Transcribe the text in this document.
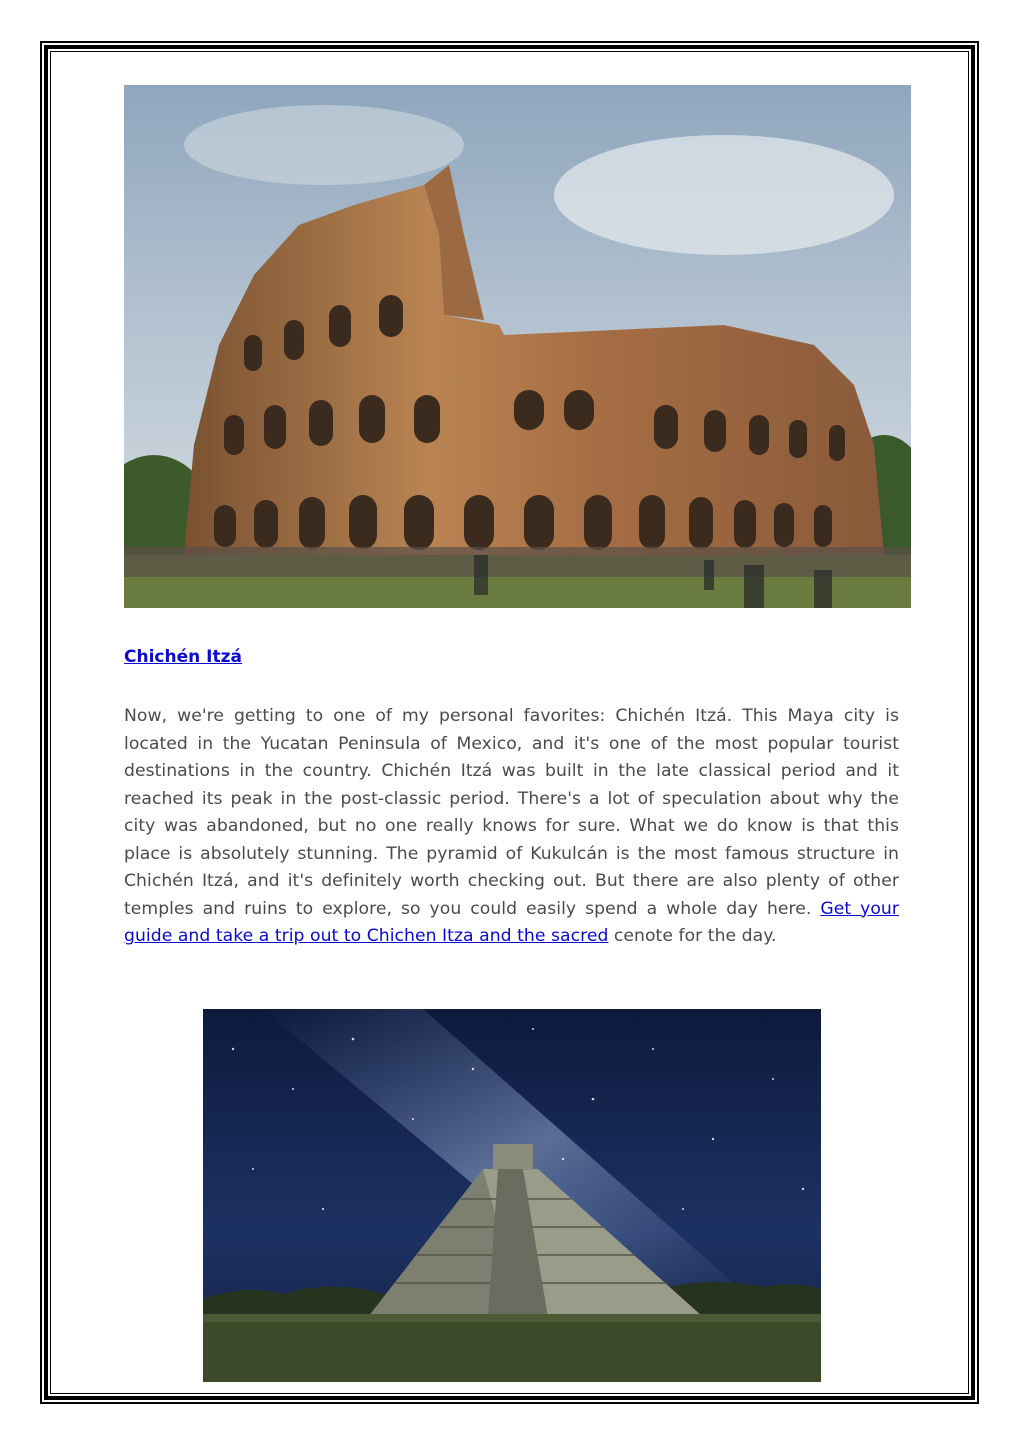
Chichén Itzá

Now, we're getting to one of my personal favorites: Chichén Itzá. This Maya city is located in the Yucatan Peninsula of Mexico, and it's one of the most popular tourist destinations in the country. Chichén Itzá was built in the late classical period and it reached its peak in the post-classic period. There's a lot of speculation about why the city was abandoned, but no one really knows for sure. What we do know is that this place is absolutely stunning. The pyramid of Kukulcán is the most famous structure in Chichén Itzá, and it's definitely worth checking out. But there are also plenty of other temples and ruins to explore, so you could easily spend a whole day here. Get your guide and take a trip out to Chichen Itza and the sacred cenote for the day.
